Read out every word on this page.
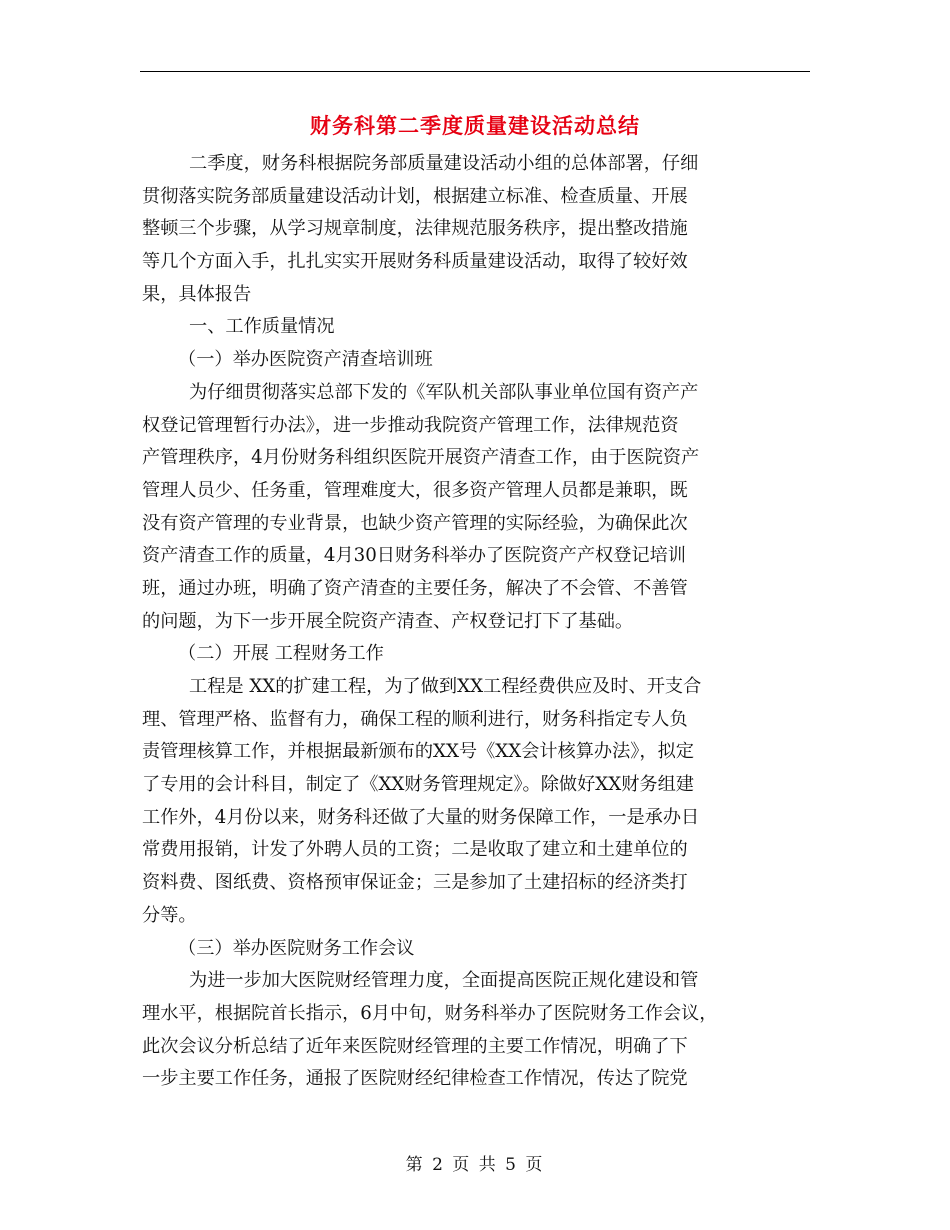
财务科第二季度质量建设活动总结
二季度，财务科根据院务部质量建设活动小组的总体部署，仔细
贯彻落实院务部质量建设活动计划，根据建立标准、检查质量、开展
整顿三个步骤，从学习规章制度，法律规范服务秩序，提出整改措施
等几个方面入手，扎扎实实开展财务科质量建设活动，取得了较好效
果，具体报告
一、工作质量情况
（一）举办医院资产清查培训班
为仔细贯彻落实总部下发的《军队机关部队事业单位国有资产产
权登记管理暂行办法》，进一步推动我院资产管理工作，法律规范资
产管理秩序，4月份财务科组织医院开展资产清查工作，由于医院资产
管理人员少、任务重，管理难度大，很多资产管理人员都是兼职，既
没有资产管理的专业背景，也缺少资产管理的实际经验，为确保此次
资产清查工作的质量，4月30日财务科举办了医院资产产权登记培训
班，通过办班，明确了资产清查的主要任务，解决了不会管、不善管
的问题，为下一步开展全院资产清查、产权登记打下了基础。
（二）开展 工程财务工作
工程是 XX的扩建工程，为了做到XX工程经费供应及时、开支合
理、管理严格、监督有力，确保工程的顺利进行，财务科指定专人负
责管理核算工作，并根据最新颁布的XX号《XX会计核算办法》，拟定
了专用的会计科目，制定了《XX财务管理规定》。除做好XX财务组建
工作外，4月份以来，财务科还做了大量的财务保障工作，一是承办日
常费用报销，计发了外聘人员的工资；二是收取了建立和土建单位的
资料费、图纸费、资格预审保证金；三是参加了土建招标的经济类打
分等。
（三）举办医院财务工作会议
为进一步加大医院财经管理力度，全面提高医院正规化建设和管
理水平，根据院首长指示，6月中旬，财务科举办了医院财务工作会议，
此次会议分析总结了近年来医院财经管理的主要工作情况，明确了下
一步主要工作任务，通报了医院财经纪律检查工作情况，传达了院党
第 2 页 共 5 页
